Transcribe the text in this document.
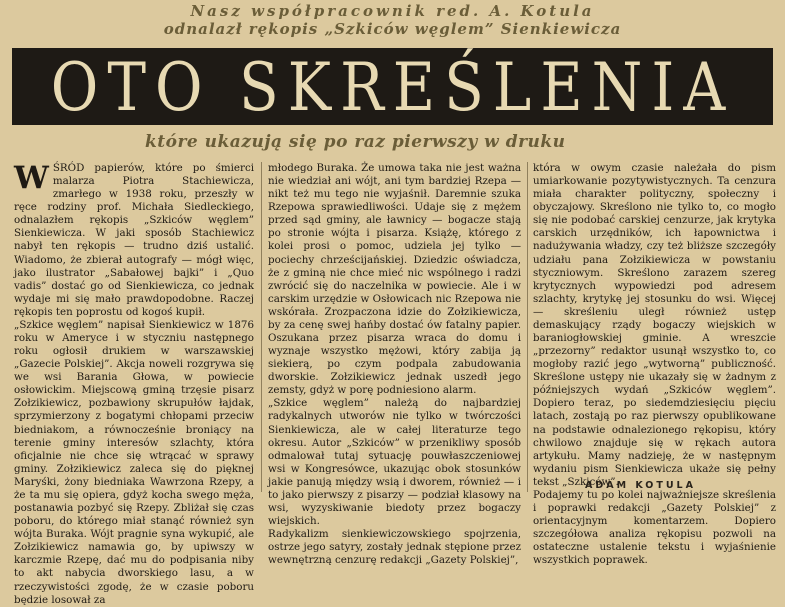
Nasz współpracownik red. A. Kotula
odnalazł rękopis „Szkiców węglem” Sienkiewicza
OTO SKREŚLENIA
które ukazują się po raz pierwszy w druku

WŚRÓD papierów, które po śmierci malarza Piotra Stachiewicza, zmarłego w 1938 roku, przeszły w ręce rodziny prof. Michała Siedleckiego, odnalazłem rękopis „Szkiców węglem” Sienkiewicza. W jaki sposób Stachiewicz nabył ten rękopis — trudno dziś ustalić. Wiadomo, że zbierał autografy — mógł więc, jako ilustrator „Sabałowej bajki” i „Quo vadis” dostać go od Sienkiewicza, co jednak wydaje mi się mało prawdopodobne. Raczej rękopis ten poprostu od kogoś kupił.

„Szkice węglem” napisał Sienkiewicz w 1876 roku w Ameryce i w styczniu następnego roku ogłosił drukiem w warszawskiej „Gazecie Polskiej”. Akcja noweli rozgrywa się we wsi Barania Głowa, w powiecie osłowickim. Miejscową gminą trzęsie pisarz Zołzikiewicz, pozbawiony skrupułów łajdak, sprzymierzony z bogatymi chłopami przeciw biedniakom, a równocześnie broniący na terenie gminy interesów szlachty, która oficjalnie nie chce się wtrącać w sprawy gminy. Zołzikiewicz zaleca się do pięknej Maryśki, żony biedniaka Wawrzona Rzepy, a że ta mu się opiera, gdyż kocha swego męża, postanawia pozbyć się Rzepy. Zbliżał się czas poboru, do którego miał stanąć również syn wójta Buraka. Wójt pragnie syna wykupić, ale Zołzikiewicz namawia go, by upiwszy w karczmie Rzepę, dać mu do podpisania niby to akt nabycia dworskiego lasu, a w rzeczywistości zgodę, że w czasie poboru będzie losował za

młodego Buraka. Że umowa taka nie jest ważna nie wiedział ani wójt, ani tym bardziej Rzepa — nikt też mu tego nie wyjaśnił. Daremnie szuka Rzepowa sprawiedliwości. Udaje się z mężem przed sąd gminy, ale ławnicy — bogacze stają po stronie wójta i pisarza. Książę, którego z kolei prosi o pomoc, udziela jej tylko — pociechy chrześcijańskiej. Dziedzic oświadcza, że z gminą nie chce mieć nic wspólnego i radzi zwrócić się do naczelnika w powiecie. Ale i w carskim urzędzie w Osłowicach nic Rzepowa nie wskórała. Zrozpaczona idzie do Zołzikiewicza, by za cenę swej hańby dostać ów fatalny papier. Oszukana przez pisarza wraca do domu i wyznaje wszystko mężowi, który zabija ją siekierą, po czym podpala zabudowania dworskie. Zołzikiewicz jednak uszedł jego zemsty, gdyż w porę podniesiono alarm.

„Szkice węglem” należą do najbardziej radykalnych utworów nie tylko w twórczości Sienkiewicza, ale w całej literaturze tego okresu. Autor „Szkiców” w przenikliwy sposób odmalował tutaj sytuację pouwłaszczeniowej wsi w Kongresówce, ukazując obok stosunków jakie panują między wsią i dworem, również — i to jako pierwszy z pisarzy — podział klasowy na wsi, wyzyskiwanie biedoty przez bogaczy wiejskich.

Radykalizm sienkiewiczowskiego spojrzenia, ostrze jego satyry, zostały jednak stępione przez wewnętrzną cenzurę redakcji „Gazety Polskiej”,

która w owym czasie należała do pism umiarkowanie pozytywistycznych. Ta cenzura miała charakter polityczny, społeczny i obyczajowy. Skreślono nie tylko to, co mogło się nie podobać carskiej cenzurze, jak krytyka carskich urzędników, ich łapownictwa i nadużywania władzy, czy też bliższe szczegóły udziału pana Zołzikiewicza w powstaniu styczniowym. Skreślono zarazem szereg krytycznych wypowiedzi pod adresem szlachty, krytykę jej stosunku do wsi. Więcej — skreśleniu uległ również ustęp demaskujący rządy bogaczy wiejskich w baraniogłowskiej gminie. A wreszcie „przezorny” redaktor usunął wszystko to, co mogłoby razić jego „wytworną” publiczność. Skreślone ustępy nie ukazały się w żadnym z późniejszych wydań „Szkiców węglem”. Dopiero teraz, po siedemdziesięciu pięciu latach, zostają po raz pierwszy opublikowane na podstawie odnalezionego rękopisu, który chwilowo znajduje się w rękach autora artykułu. Mamy nadzieję, że w następnym wydaniu pism Sienkiewicza ukaże się pełny tekst „Szkiców”.

Podajemy tu po kolei najważniejsze skreślenia i poprawki redakcji „Gazety Polskiej” z orientacyjnym komentarzem. Dopiero szczegółowa analiza rękopisu pozwoli na ostateczne ustalenie tekstu i wyjaśnienie wszystkich poprawek.

ADAM KOTULA
